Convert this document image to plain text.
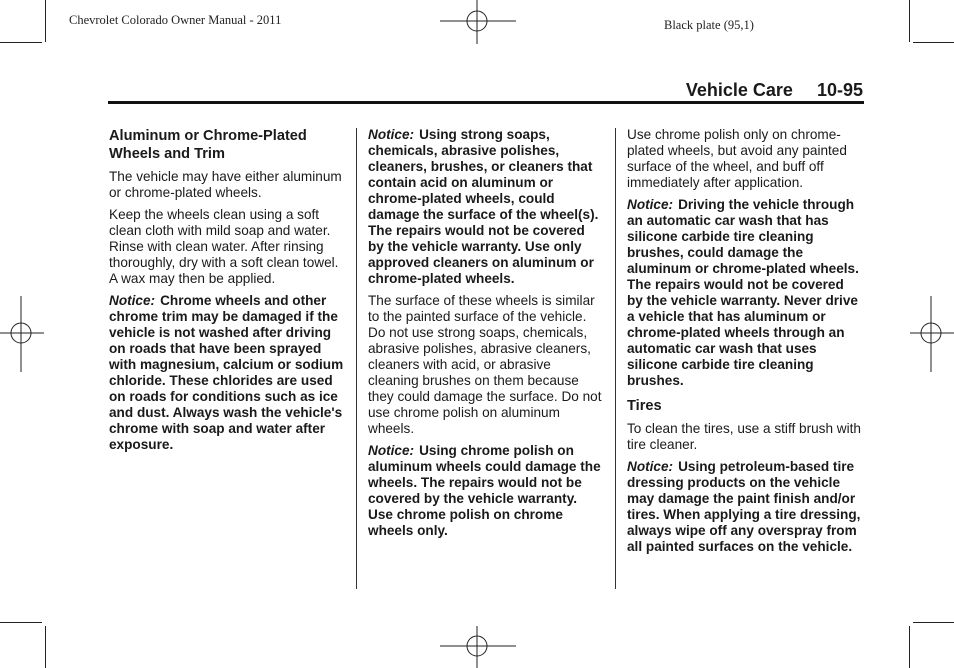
Chevrolet Colorado Owner Manual - 2011	Black plate (95,1)
Vehicle Care 10-95
Aluminum or Chrome-Plated Wheels and Trim

The vehicle may have either aluminum or chrome-plated wheels.

Keep the wheels clean using a soft clean cloth with mild soap and water. Rinse with clean water. After rinsing thoroughly, dry with a soft clean towel. A wax may then be applied.

Notice: Chrome wheels and other chrome trim may be damaged if the vehicle is not washed after driving on roads that have been sprayed with magnesium, calcium or sodium chloride. These chlorides are used on roads for conditions such as ice and dust. Always wash the vehicle's chrome with soap and water after exposure.

Notice: Using strong soaps, chemicals, abrasive polishes, cleaners, brushes, or cleaners that contain acid on aluminum or chrome-plated wheels, could damage the surface of the wheel(s). The repairs would not be covered by the vehicle warranty. Use only approved cleaners on aluminum or chrome-plated wheels.

The surface of these wheels is similar to the painted surface of the vehicle. Do not use strong soaps, chemicals, abrasive polishes, abrasive cleaners, cleaners with acid, or abrasive cleaning brushes on them because they could damage the surface. Do not use chrome polish on aluminum wheels.

Notice: Using chrome polish on aluminum wheels could damage the wheels. The repairs would not be covered by the vehicle warranty. Use chrome polish on chrome wheels only.

Use chrome polish only on chrome-plated wheels, but avoid any painted surface of the wheel, and buff off immediately after application.

Notice: Driving the vehicle through an automatic car wash that has silicone carbide tire cleaning brushes, could damage the aluminum or chrome-plated wheels. The repairs would not be covered by the vehicle warranty. Never drive a vehicle that has aluminum or chrome-plated wheels through an automatic car wash that uses silicone carbide tire cleaning brushes.

Tires

To clean the tires, use a stiff brush with tire cleaner.

Notice: Using petroleum-based tire dressing products on the vehicle may damage the paint finish and/or tires. When applying a tire dressing, always wipe off any overspray from all painted surfaces on the vehicle.
